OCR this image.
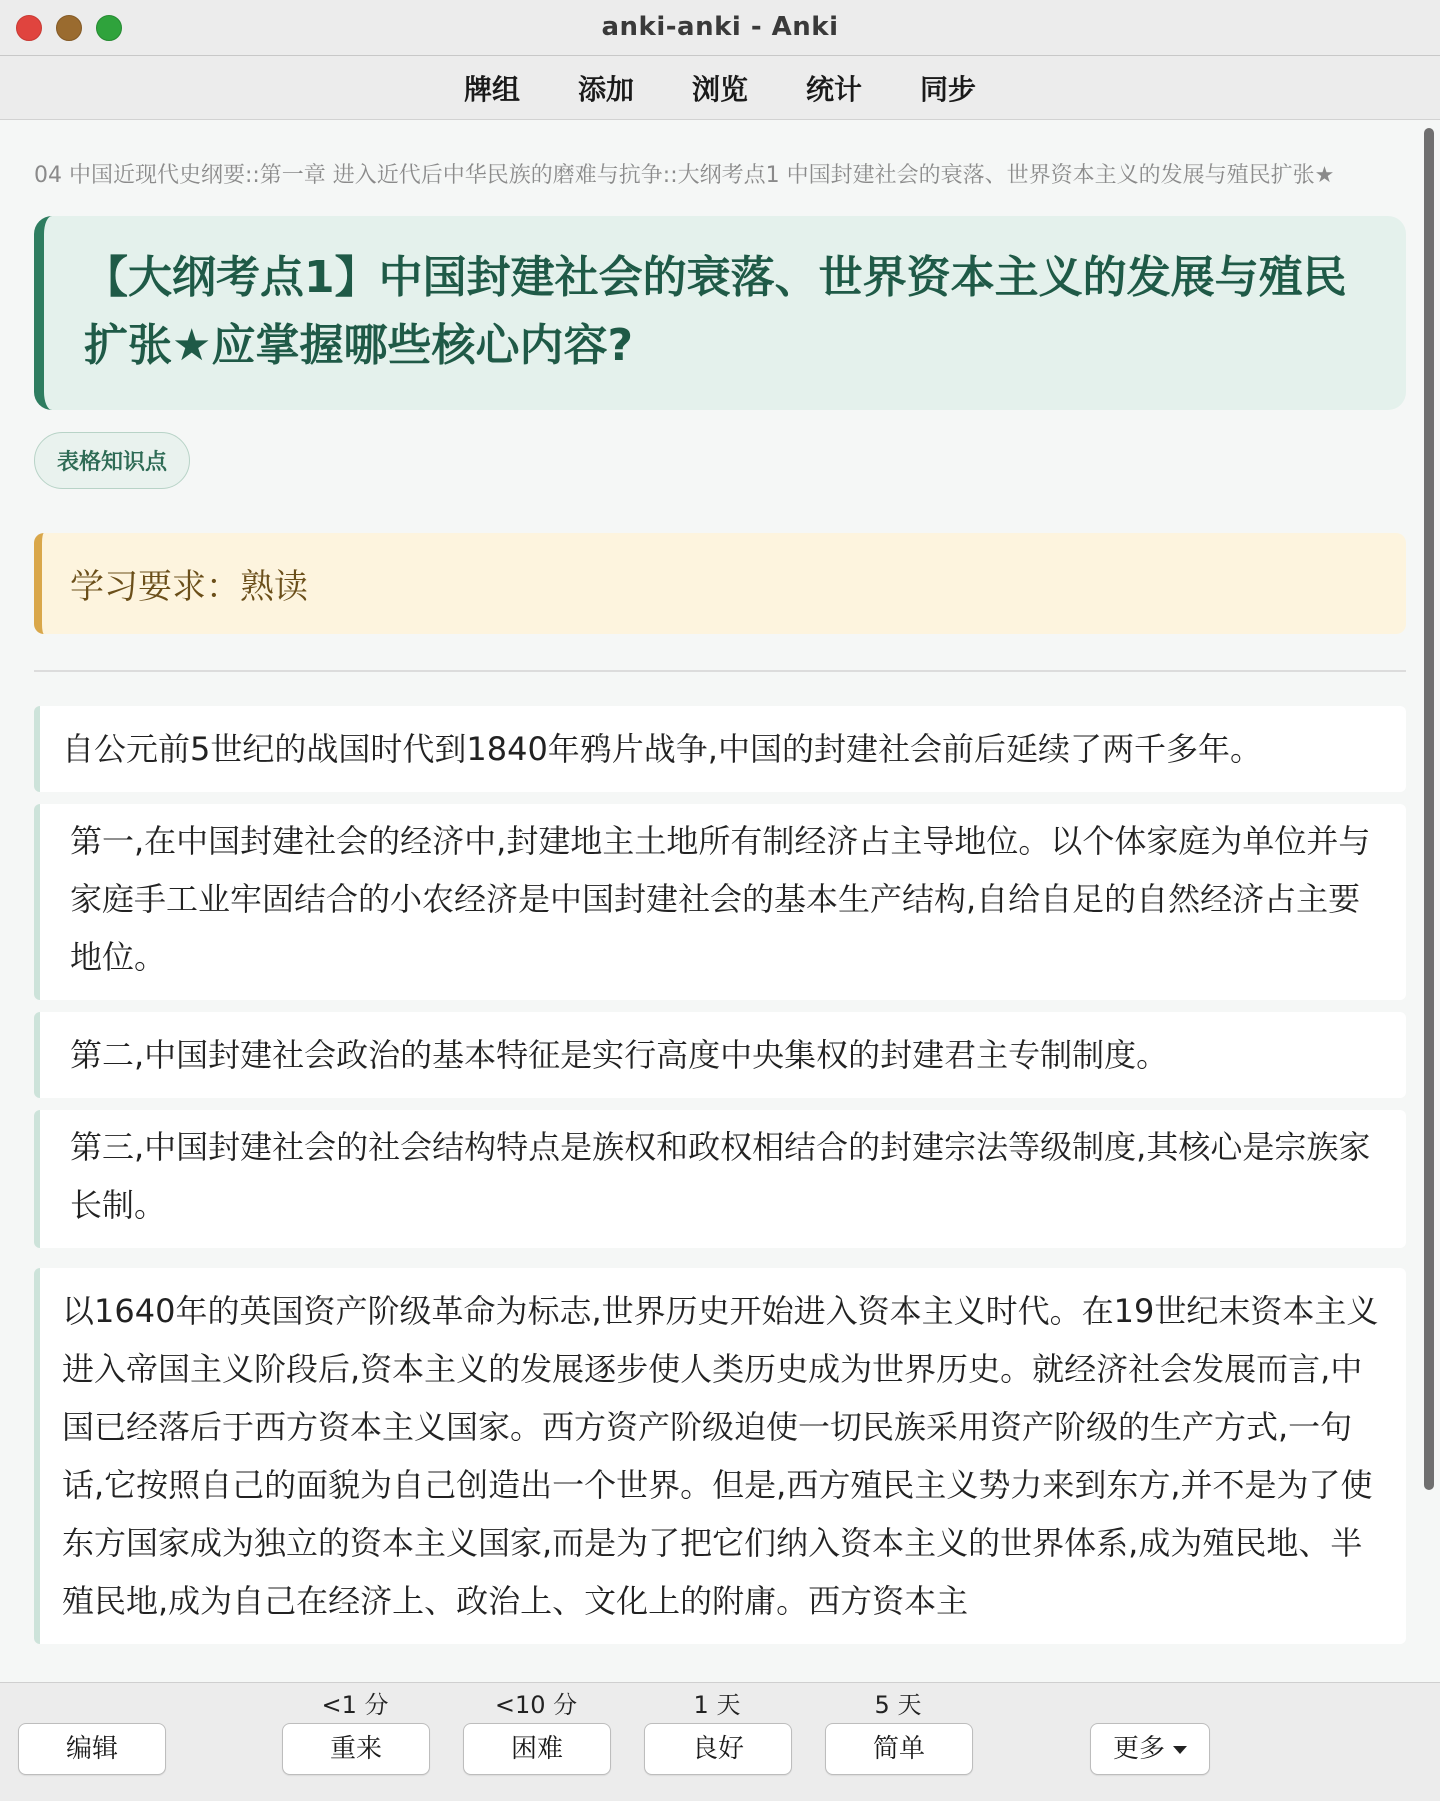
anki-anki - Anki
牌组 添加 浏览 统计 同步
04 中国近现代史纲要::第一章 进入近代后中华民族的磨难与抗争::大纲考点1 中国封建社会的衰落、世界资本主义的发展与殖民扩张★
【大纲考点1】中国封建社会的衰落、世界资本主义的发展与殖民扩张★应掌握哪些核心内容?
表格知识点
学习要求：熟读
自公元前5世纪的战国时代到1840年鸦片战争,中国的封建社会前后延续了两千多年。
第一,在中国封建社会的经济中,封建地主土地所有制经济占主导地位。以个体家庭为单位并与家庭手工业牢固结合的小农经济是中国封建社会的基本生产结构,自给自足的自然经济占主要地位。
第二,中国封建社会政治的基本特征是实行高度中央集权的封建君主专制制度。
第三,中国封建社会的社会结构特点是族权和政权相结合的封建宗法等级制度,其核心是宗族家长制。
以1640年的英国资产阶级革命为标志,世界历史开始进入资本主义时代。在19世纪末资本主义进入帝国主义阶段后,资本主义的发展逐步使人类历史成为世界历史。就经济社会发展而言,中国已经落后于西方资本主义国家。西方资产阶级迫使一切民族采用资产阶级的生产方式,一句话,它按照自己的面貌为自己创造出一个世界。但是,西方殖民主义势力来到东方,并不是为了使东方国家成为独立的资本主义国家,而是为了把它们纳入资本主义的世界体系,成为殖民地、半殖民地,成为自己在经济上、政治上、文化上的附庸。西方资本主
编辑
<1 分
重来
<10 分
困难
1 天
良好
5 天
简单	更多
